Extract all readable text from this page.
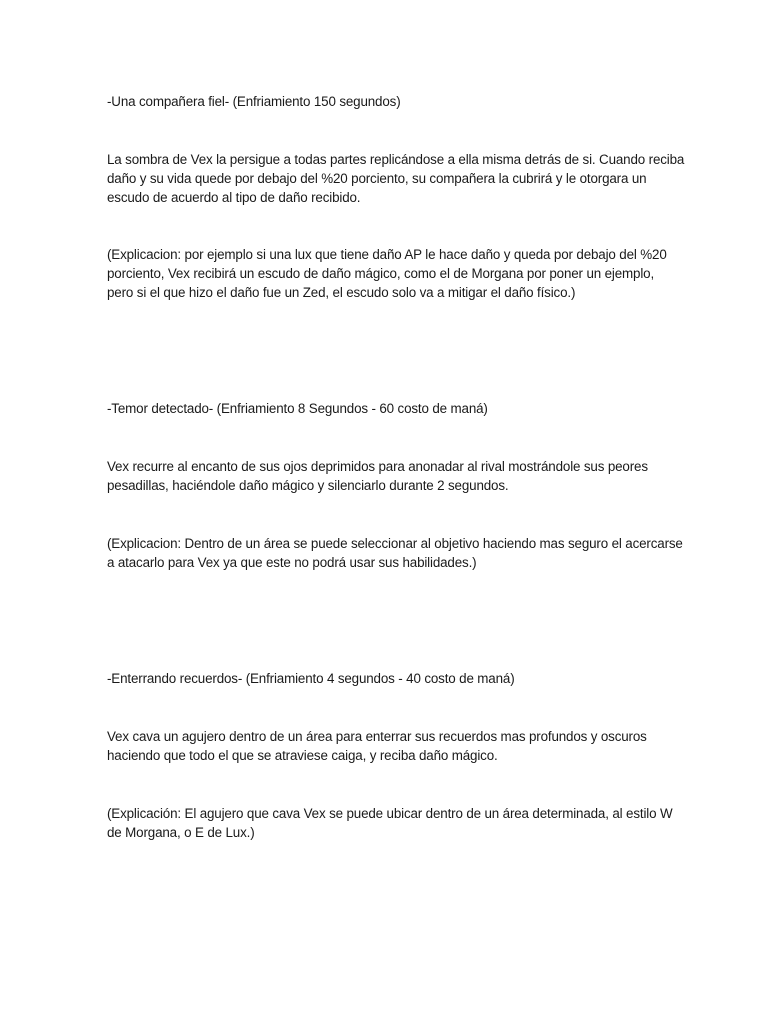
-Una compañera fiel- (Enfriamiento 150 segundos)

La sombra de Vex la persigue a todas partes replicándose a ella misma detrás de si. Cuando reciba

daño y su vida quede por debajo del %20 porciento, su compañera la cubrirá y le otorgara un

escudo de acuerdo al tipo de daño recibido.

(Explicacion: por ejemplo si una lux que tiene daño AP le hace daño y queda por debajo del %20

porciento, Vex recibirá un escudo de daño mágico, como el de Morgana por poner un ejemplo,

pero si el que hizo el daño fue un Zed, el escudo solo va a mitigar el daño físico.)

-Temor detectado- (Enfriamiento 8 Segundos - 60 costo de maná)

Vex recurre al encanto de sus ojos deprimidos para anonadar al rival mostrándole sus peores

pesadillas, haciéndole daño mágico y silenciarlo durante 2 segundos.

(Explicacion: Dentro de un área se puede seleccionar al objetivo haciendo mas seguro el acercarse

a atacarlo para Vex ya que este no podrá usar sus habilidades.)

-Enterrando recuerdos- (Enfriamiento 4 segundos - 40 costo de maná)

Vex cava un agujero dentro de un área para enterrar sus recuerdos mas profundos y oscuros

haciendo que todo el que se atraviese caiga, y reciba daño mágico.

(Explicación: El agujero que cava Vex se puede ubicar dentro de un área determinada, al estilo W

de Morgana, o E de Lux.)
